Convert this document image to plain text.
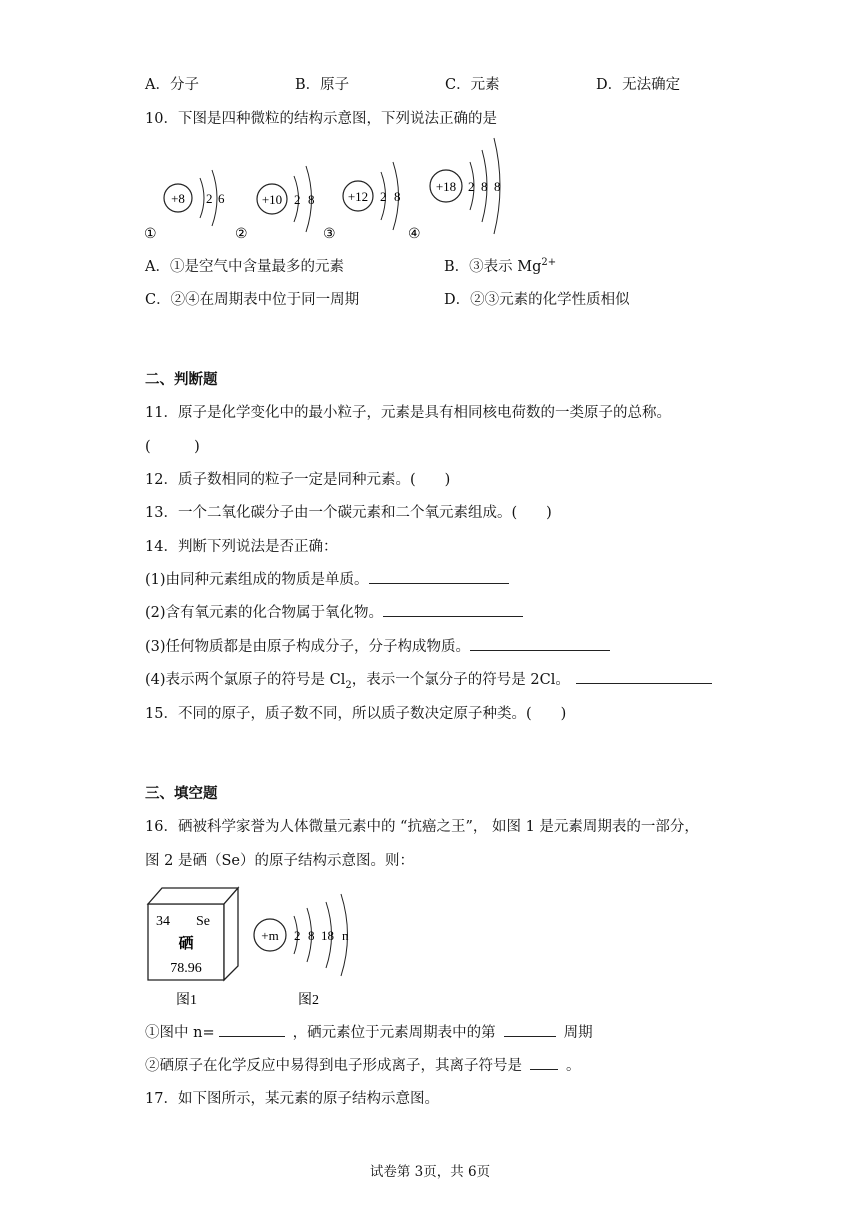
A．分子	B．原子	C．元素	D．无法确定
10．下图是四种微粒的结构示意图，下列说法正确的是
+8 2 6
①
+10 2 8
②
+12 2 8
③
+18 2 8 8
④
A．①是空气中含量最多的元素	B．③表示 $Mg^{2+}$
C．②④在周期表中位于同一周期	D．②③元素的化学性质相似
二、判断题
11．原子是化学变化中的最小粒子，元素是具有相同核电荷数的一类原子的总称。
(　　　)
12．质子数相同的粒子一定是同种元素。(　　)
13．一个二氧化碳分子由一个碳元素和二个氧元素组成。(　　)
14．判断下列说法是否正确：
(1)由同种元素组成的物质是单质。
(2)含有氧元素的化合物属于氧化物。
(3)任何物质都是由原子构成分子，分子构成物质。
(4)表示两个氯原子的符号是 $Cl_2$，表示一个氯分子的符号是 2Cl。
15．不同的原子，质子数不同，所以质子数决定原子种类。(　　)
三、填空题
16．硒被科学家誉为人体微量元素中的 “抗癌之王”， 如图 1 是元素周期表的一部分，
图 2 是硒（Se）的原子结构示意图。则：
34 Se
硒
78.96
图1
+m 2 8 18 n
图2
①图中 n=	，硒元素位于元素周期表中的第	周期
②硒原子在化学反应中易得到电子形成离子，其离子符号是	。
17．如下图所示，某元素的原子结构示意图。
试卷第 3页，共 6页
